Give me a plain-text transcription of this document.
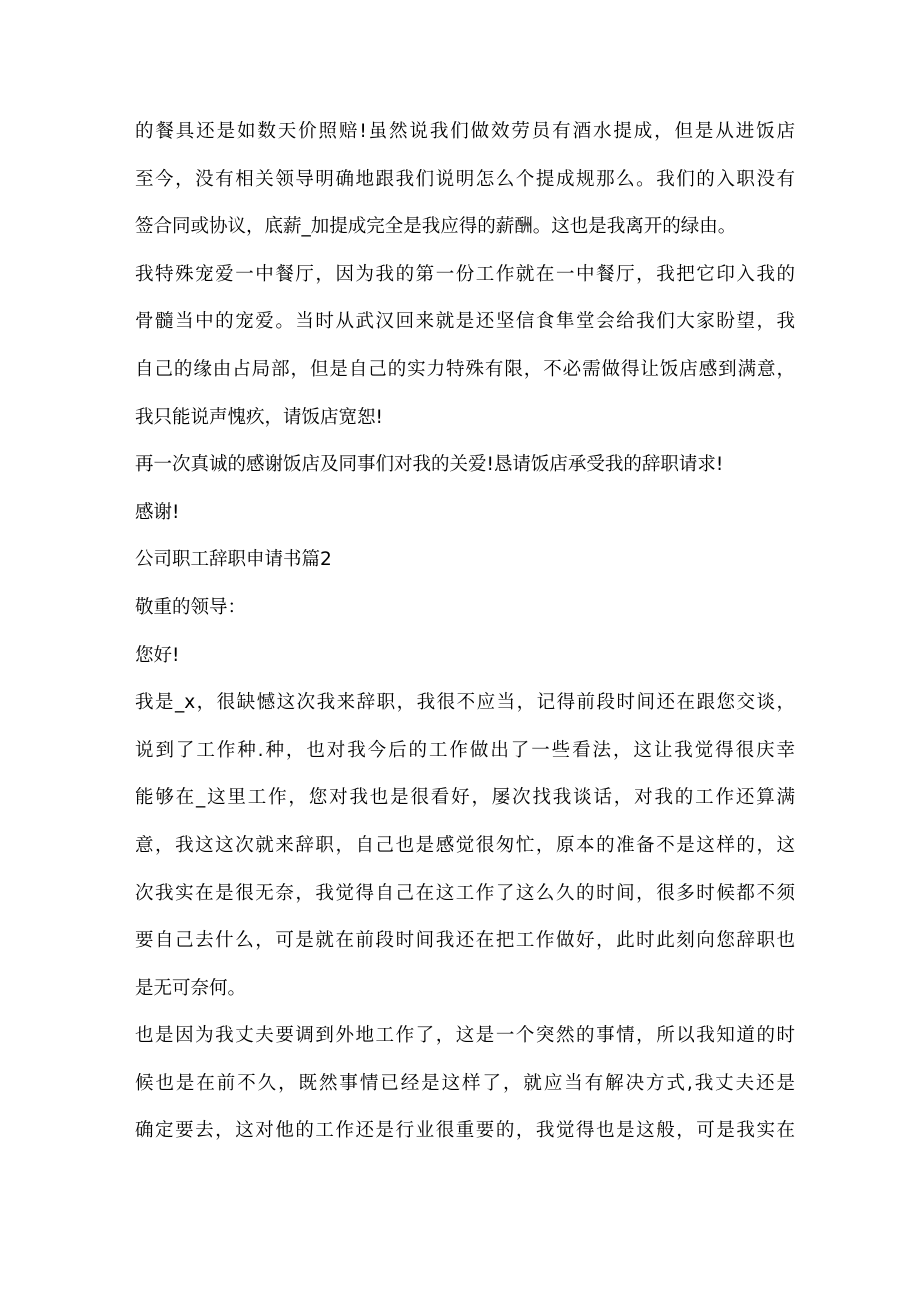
的餐具还是如数天价照赔!虽然说我们做效劳员有酒水提成，但是从进饭店
至今，没有相关领导明确地跟我们说明怎么个提成规那么。我们的入职没有
签合同或协议，底薪_加提成完全是我应得的薪酬。这也是我离开的绿由。
我特殊宠爱一中餐厅，因为我的第一份工作就在一中餐厅，我把它印入我的
骨髓当中的宠爱。当时从武汉回来就是还坚信食隼堂会给我们大家盼望，我
自己的缘由占局部，但是自己的实力特殊有限，不必需做得让饭店感到满意，
我只能说声愧疚，请饭店宽恕!
再一次真诚的感谢饭店及同事们对我的关爱!恳请饭店承受我的辞职请求!
感谢!
公司职工辞职申请书篇2
敬重的领导：
您好!
我是_x，很缺憾这次我来辞职，我很不应当，记得前段时间还在跟您交谈，
说到了工作种.种，也对我今后的工作做出了一些看法，这让我觉得很庆幸
能够在_这里工作，您对我也是很看好，屡次找我谈话，对我的工作还算满
意，我这这次就来辞职，自己也是感觉很匆忙，原本的准备不是这样的，这
次我实在是很无奈，我觉得自己在这工作了这么久的时间，很多时候都不须
要自己去什么，可是就在前段时间我还在把工作做好，此时此刻向您辞职也
是无可奈何。
也是因为我丈夫要调到外地工作了，这是一个突然的事情，所以我知道的时
候也是在前不久，既然事情已经是这样了，就应当有解决方式,我丈夫还是
确定要去，这对他的工作还是行业很重要的，我觉得也是这般，可是我实在
